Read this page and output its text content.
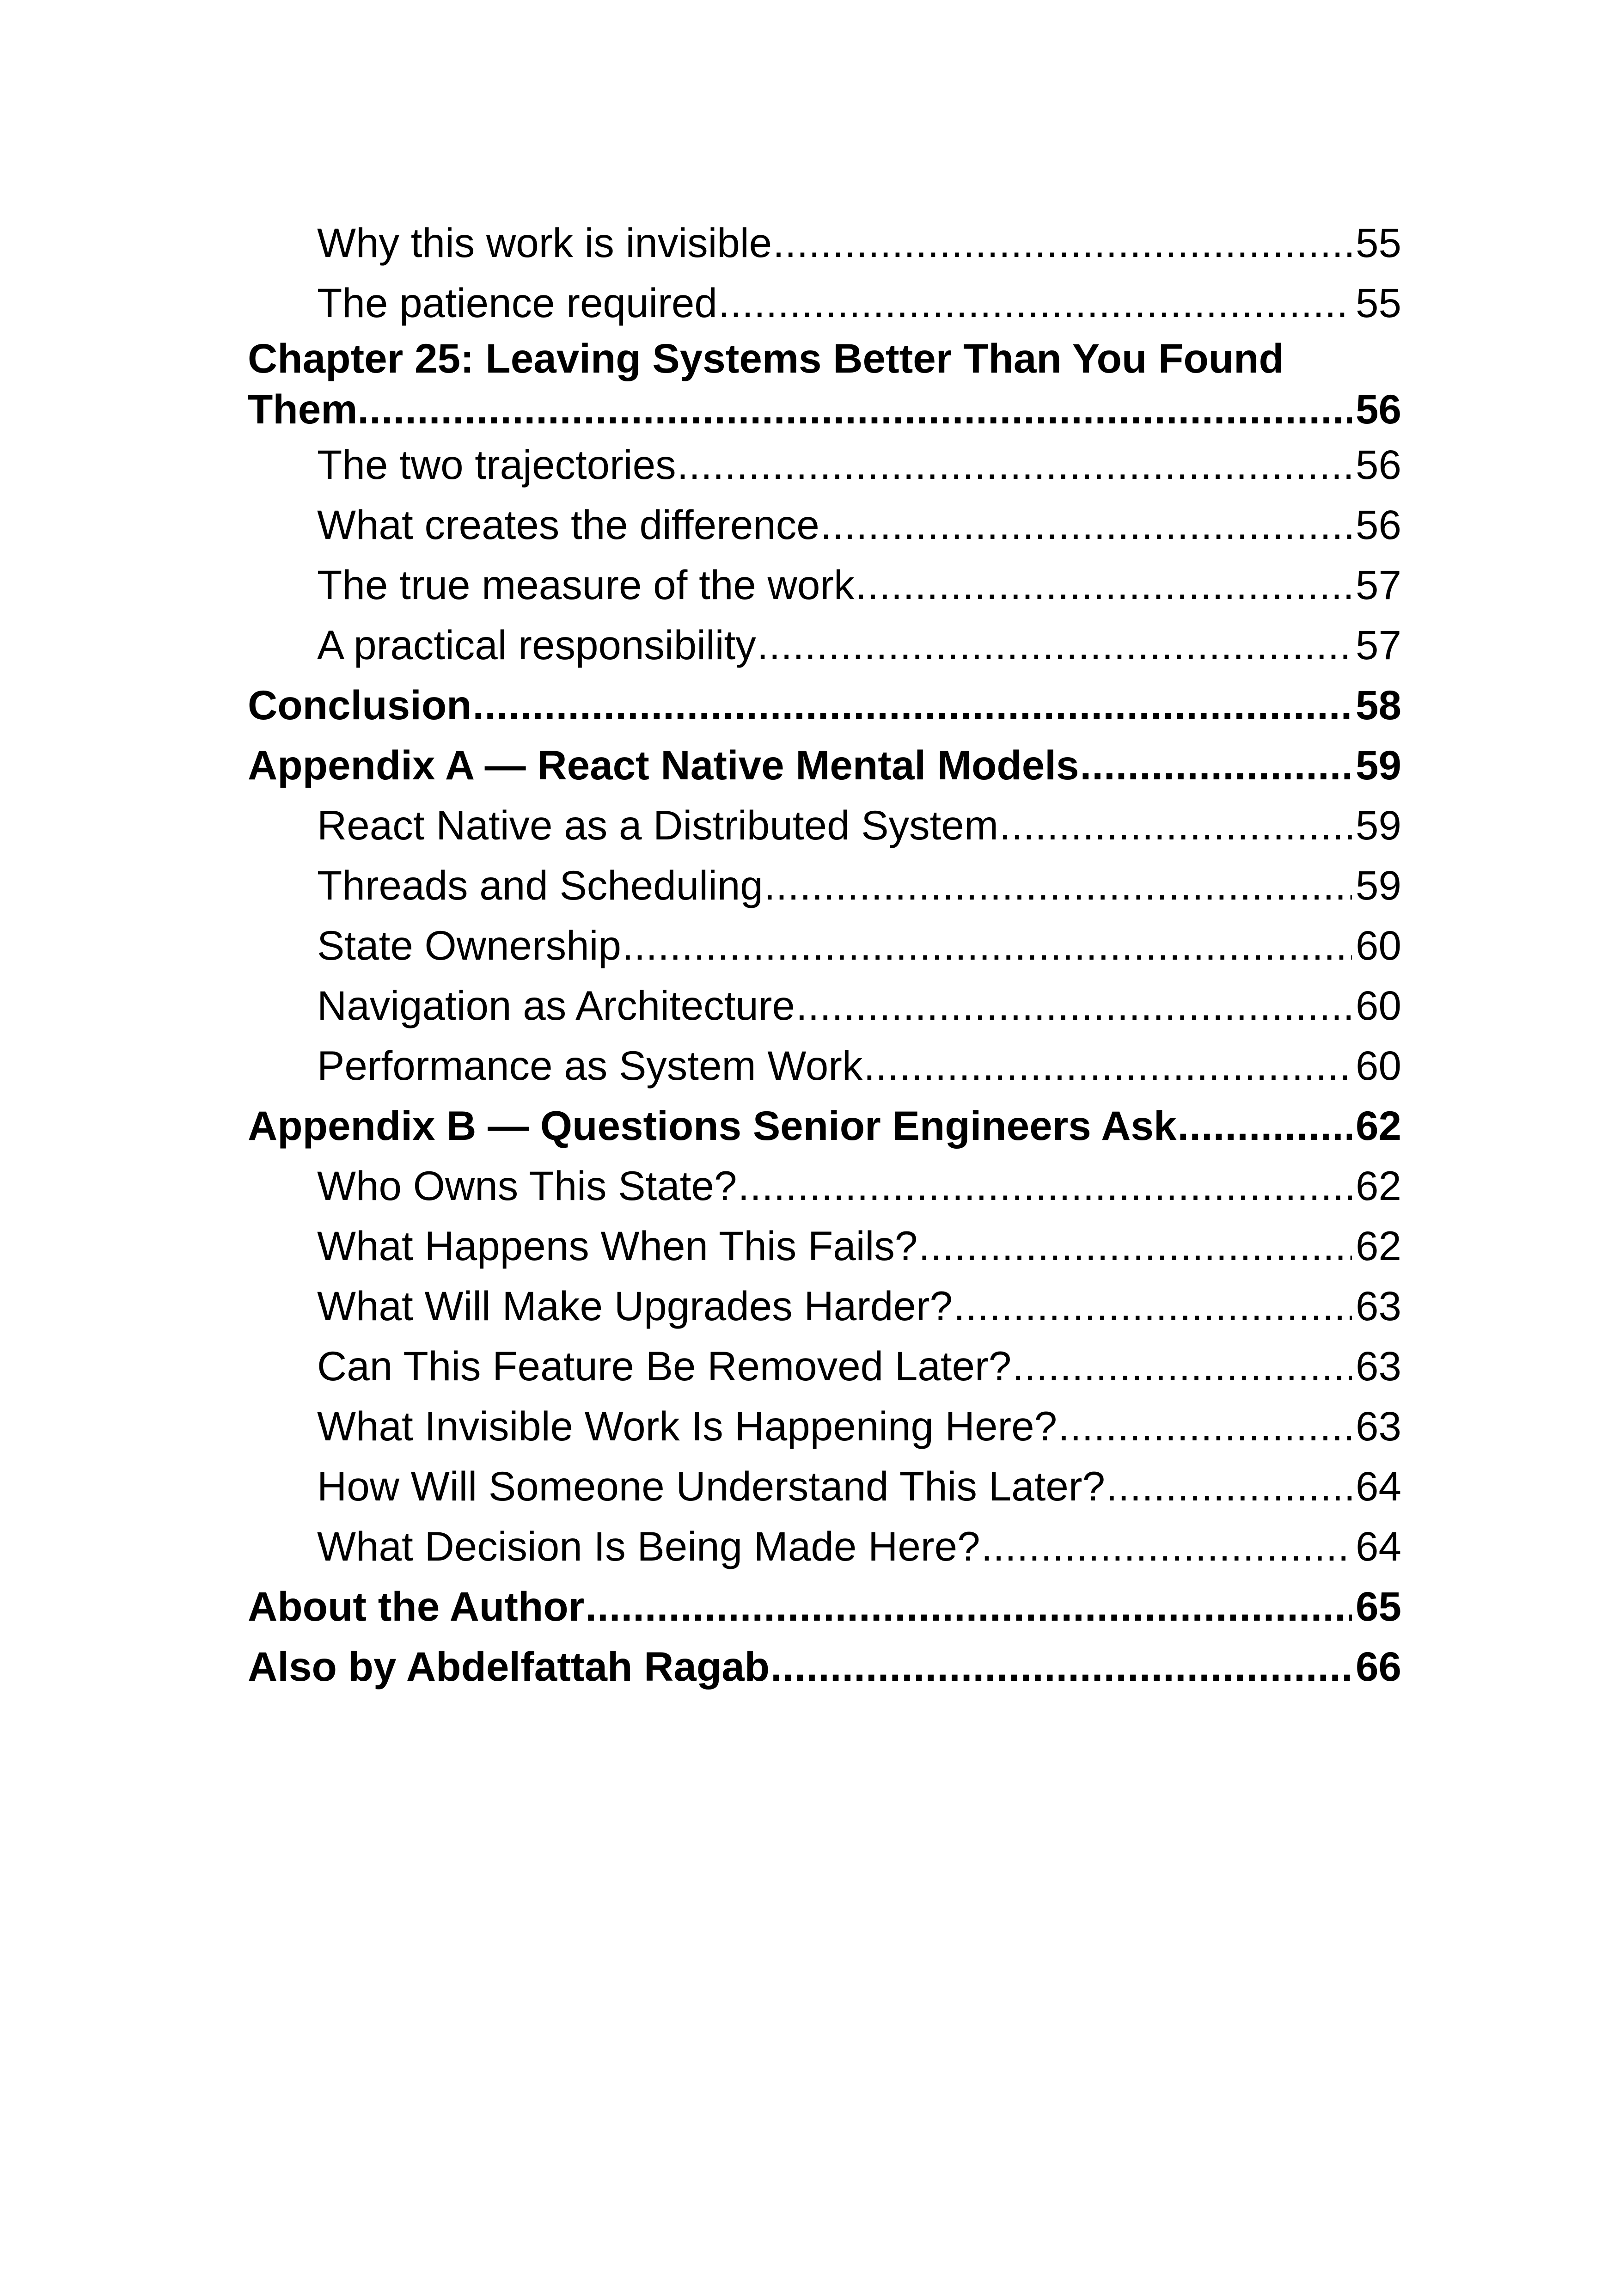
Why this work is invisible .....	55
The patience required .....	55
Chapter 25: Leaving Systems Better Than You Found
Them .....	56
The two trajectories .....	56
What creates the difference .....	56
The true measure of the work .....	57
A practical responsibility .....	57
Conclusion .....	58
Appendix A — React Native Mental Models .....	59
React Native as a Distributed System .....	59
Threads and Scheduling .....	59
State Ownership .....	60
Navigation as Architecture .....	60
Performance as System Work .....	60
Appendix B — Questions Senior Engineers Ask .....	62
Who Owns This State? .....	62
What Happens When This Fails? .....	62
What Will Make Upgrades Harder? .....	63
Can This Feature Be Removed Later? .....	63
What Invisible Work Is Happening Here? .....	63
How Will Someone Understand This Later? .....	64
What Decision Is Being Made Here? .....	64
About the Author .....	65
Also by Abdelfattah Ragab .....	66
